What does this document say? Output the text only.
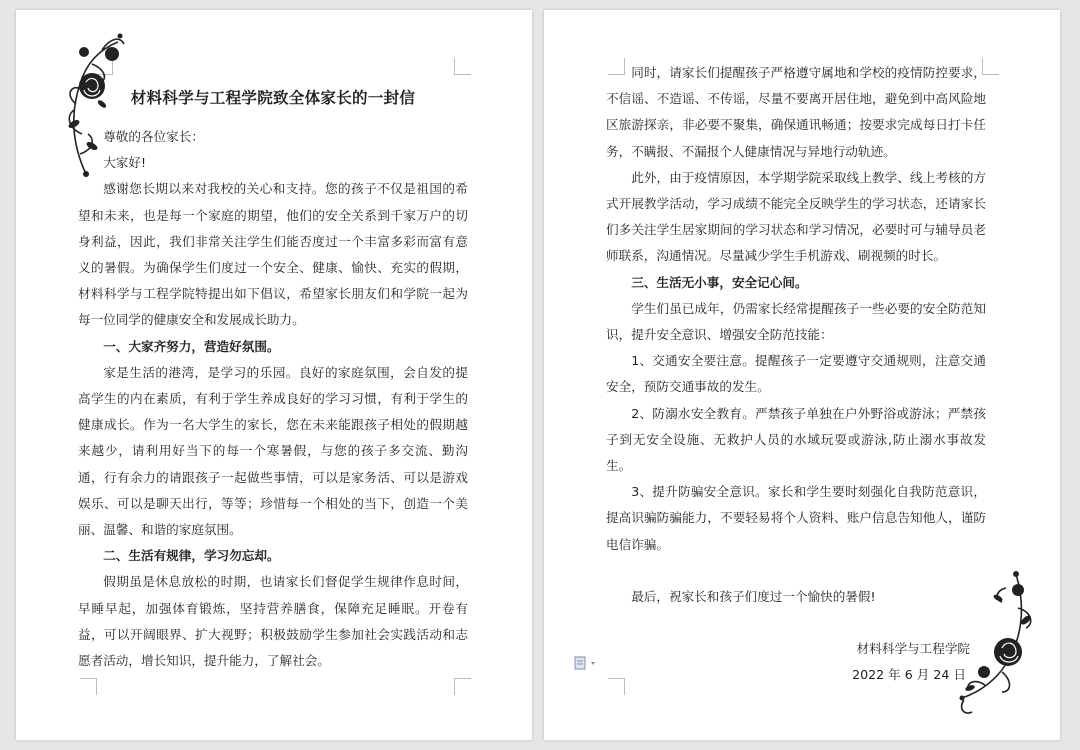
材料科学与工程学院致全体家长的一封信

尊敬的各位家长：

大家好!

感谢您长期以来对我校的关心和支持。您的孩子不仅是祖国的希望和未来，也是每一个家庭的期望，他们的安全关系到千家万户的切身利益，因此，我们非常关注学生们能否度过一个丰富多彩而富有意义的暑假。为确保学生们度过一个安全、健康、愉快、充实的假期，材料科学与工程学院特提出如下倡议，希望家长朋友们和学院一起为每一位同学的健康安全和发展成长助力。

一、大家齐努力，营造好氛围。

家是生活的港湾，是学习的乐园。良好的家庭氛围，会自发的提高学生的内在素质，有利于学生养成良好的学习习惯，有利于学生的健康成长。作为一名大学生的家长，您在未来能跟孩子相处的假期越来越少，请利用好当下的每一个寒暑假，与您的孩子多交流、勤沟通，行有余力的请跟孩子一起做些事情，可以是家务活、可以是游戏娱乐、可以是聊天出行，等等；珍惜每一个相处的当下，创造一个美丽、温馨、和谐的家庭氛围。

二、生活有规律，学习勿忘却。

假期虽是休息放松的时期，也请家长们督促学生规律作息时间，早睡早起，加强体育锻炼，坚持营养膳食，保障充足睡眠。开卷有益，可以开阔眼界、扩大视野；积极鼓励学生参加社会实践活动和志愿者活动，增长知识，提升能力，了解社会。

同时，请家长们提醒孩子严格遵守属地和学校的疫情防控要求，不信谣、不造谣、不传谣，尽量不要离开居住地，避免到中高风险地区旅游探亲，非必要不聚集，确保通讯畅通；按要求完成每日打卡任务，不瞒报、不漏报个人健康情况与异地行动轨迹。

此外，由于疫情原因，本学期学院采取线上教学、线上考核的方式开展教学活动，学习成绩不能完全反映学生的学习状态，还请家长们多关注学生居家期间的学习状态和学习情况，必要时可与辅导员老师联系，沟通情况。尽量减少学生手机游戏、刷视频的时长。

三、生活无小事，安全记心间。

学生们虽已成年，仍需家长经常提醒孩子一些必要的安全防范知识，提升安全意识、增强安全防范技能：

1、交通安全要注意。提醒孩子一定要遵守交通规则，注意交通安全，预防交通事故的发生。

2、防溺水安全教育。严禁孩子单独在户外野浴或游泳；严禁孩子到无安全设施、无救护人员的水域玩耍或游泳,防止溺水事故发生。

3、提升防骗安全意识。家长和学生要时刻强化自我防范意识，提高识骗防骗能力，不要轻易将个人资料、账户信息告知他人，谨防电信诈骗。

最后，祝家长和孩子们度过一个愉快的暑假!

材料科学与工程学院
2022 年 6 月 24 日
